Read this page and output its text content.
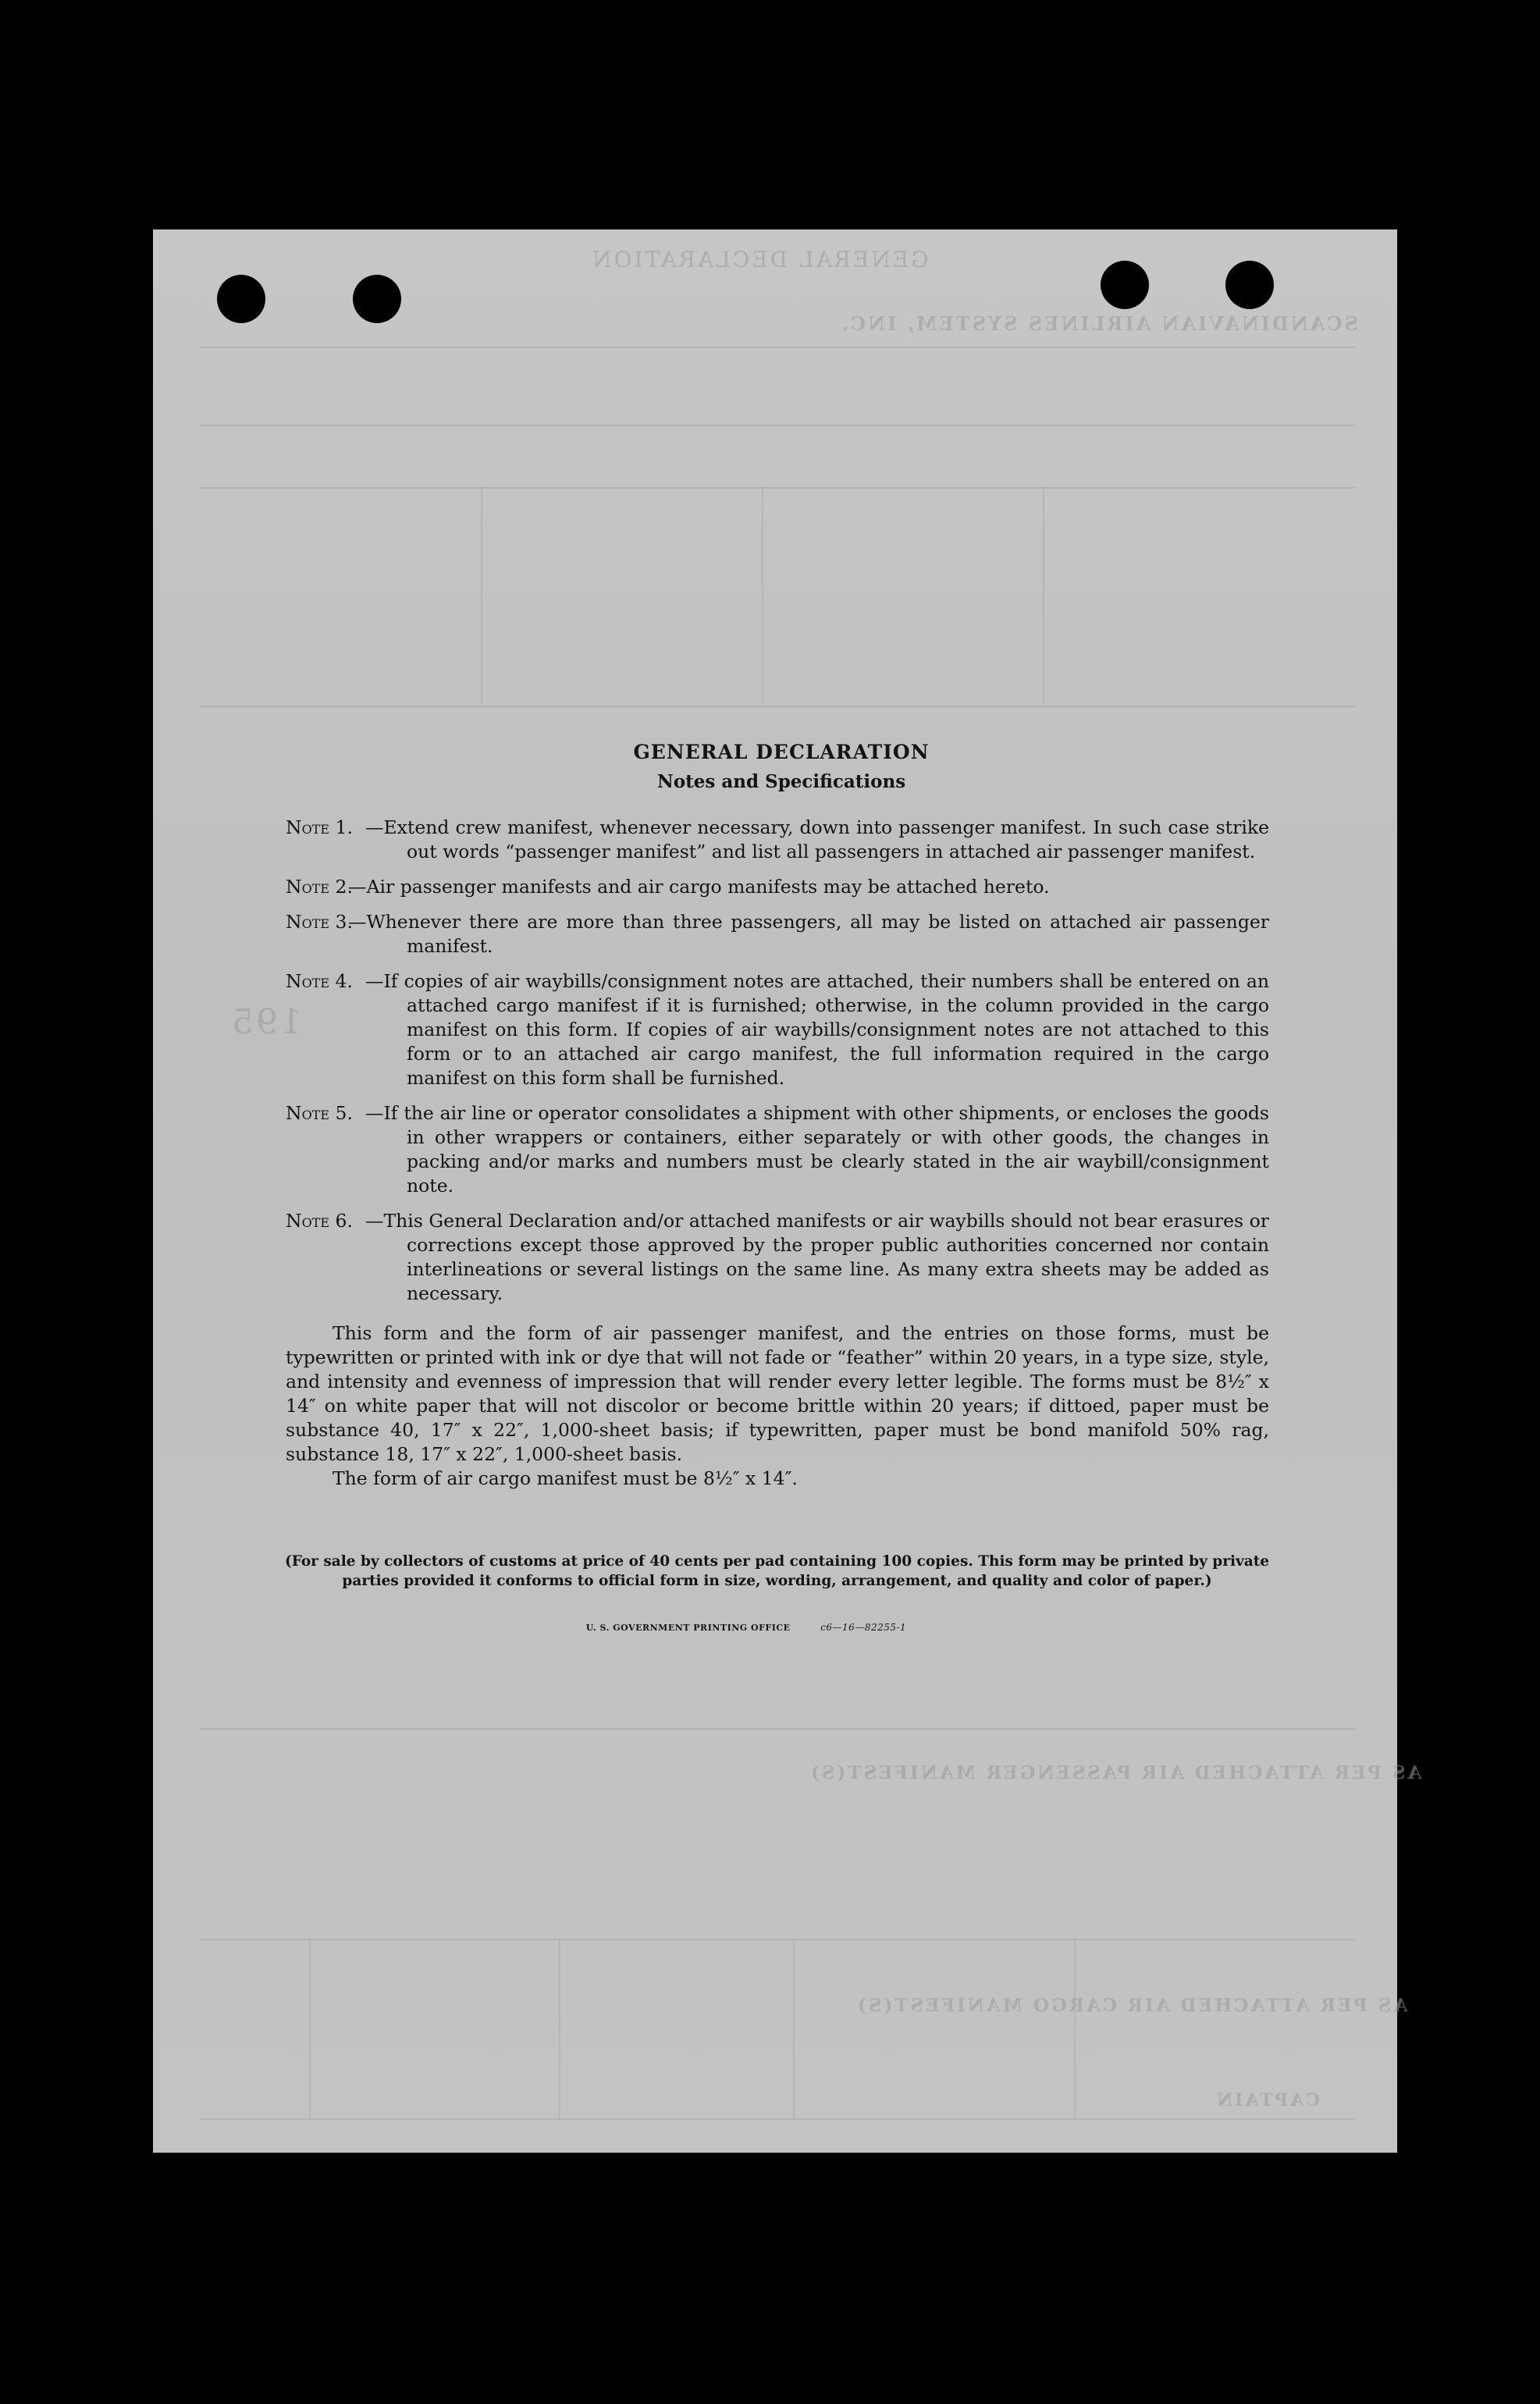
GENERAL DECLARATION
SCANDINAVIAN AIRLINES SYSTEM, INC.
195
AS PER ATTACHED AIR PASSENGER MANIFEST(S)
AS PER ATTACHED AIR CARGO MANIFEST(S)
CAPTAIN
GENERAL DECLARATION
Notes and Specifications
Note 1. —Extend crew manifest, whenever necessary, down into passenger manifest. In such case strike out words “passenger manifest” and list all passengers in attached air passenger manifest.
Note 2.
—Air passenger manifests and air cargo manifests may be attached hereto.
Note 3.
—Whenever there are more than three passengers, all may be listed on attached air passenger manifest.
Note 4. —If copies of air waybills/consignment notes are attached, their numbers shall be entered on an attached cargo manifest if it is furnished; otherwise, in the column provided in the cargo manifest on this form. If copies of air waybills/consignment notes are not attached to this form or to an attached air cargo manifest, the full information required in the cargo manifest on this form shall be furnished.
Note 5. —If the air line or operator consolidates a shipment with other shipments, or encloses the goods in other wrappers or containers, either separately or with other goods, the changes in packing and/or marks and numbers must be clearly stated in the air waybill/consignment note.
Note 6. —This General Declaration and/or attached manifests or air waybills should not bear erasures or corrections except those approved by the proper public authorities concerned nor contain interlineations or several listings on the same line. As many extra sheets may be added as necessary.
This form and the form of air passenger manifest, and the entries on those forms, must be typewritten or printed with ink or dye that will not fade or “feather” within 20 years, in a type size, style, and intensity and evenness of impression that will render every letter legible. The forms must be 8½″ x 14″ on white paper that will not discolor or become brittle within 20 years; if dittoed, paper must be substance 40, 17″ x 22″, 1,000-sheet basis; if typewritten, paper must be bond manifold 50% rag, substance 18, 17″ x 22″, 1,000-sheet basis.
The form of air cargo manifest must be 8½″ x 14″.
(For sale by collectors of customs at price of 40 cents per pad containing 100 copies. This form may be printed by private parties provided it conforms to official form in size, wording, arrangement, and quality and color of paper.)
U. S. GOVERNMENT PRINTING OFFICE	c6—16—82255-1
